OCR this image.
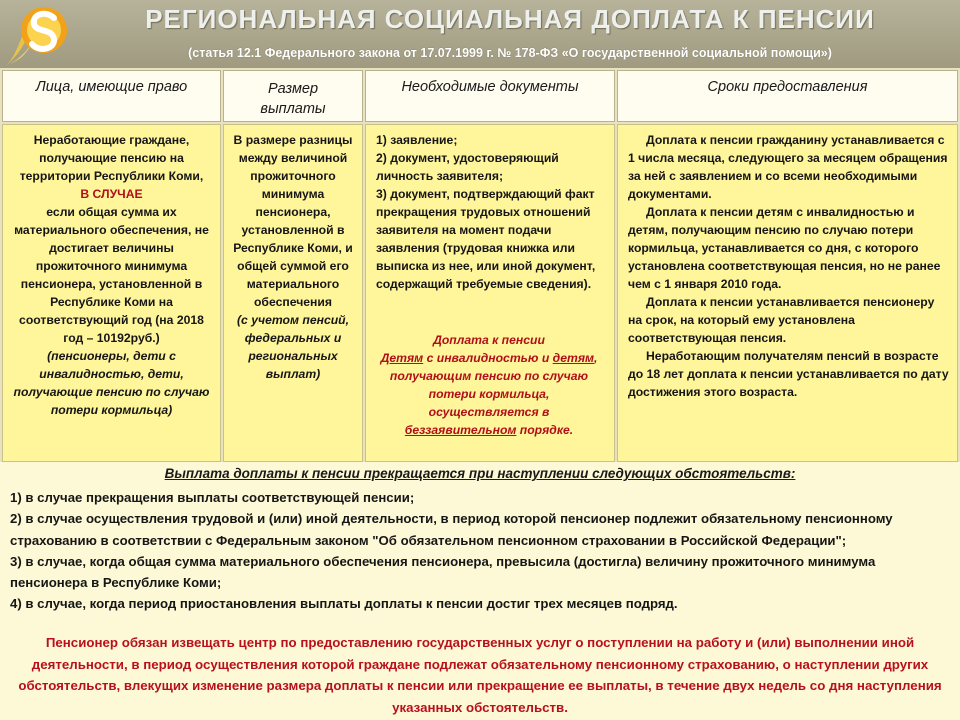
РЕГИОНАЛЬНАЯ СОЦИАЛЬНАЯ ДОПЛАТА К ПЕНСИИ
(статья 12.1 Федерального закона от 17.07.1999 г. № 178-ФЗ «О государственной социальной помощи»)
Лица, имеющие право	Размер выплаты
Необходимые документы	Сроки предоставления

Неработающие граждане, получающие пенсию на территории Республики Коми,

В СЛУЧАЕ

если общая сумма их материального обеспечения, не достигает величины прожиточного минимума пенсионера, установленной в Республике Коми на соответствующий год (на 2018 год – 10192руб.)

(пенсионеры, дети с инвалидностью, дети, получающие пенсию по случаю потери кормильца)

В размере разницы между величиной прожиточного минимума пенсионера, установленной в Республике Коми, и общей суммой его материального обеспечения

(с учетом пенсий, федеральных и региональных выплат)

1) заявление;

2) документ, удостоверяющий личность заявителя;

3) документ, подтверждающий факт прекращения трудовых отношений заявителя на момент подачи заявления (трудовая книжка или выписка из нее, или иной документ, содержащий требуемые сведения).

Доплата к пенсии

Детям с инвалидностью и детям, получающим пенсию по случаю потери кормильца, осуществляется в беззаявительном порядке.

Доплата к пенсии гражданину устанавливается с 1 числа месяца, следующего за месяцем обращения за ней с заявлением и со всеми необходимыми документами.

Доплата к пенсии детям с инвалидностью и детям, получающим пенсию по случаю потери кормильца, устанавливается со дня, с которого установлена соответствующая пенсия, но не ранее чем с 1 января 2010 года.

Доплата к пенсии устанавливается пенсионеру на срок, на который ему установлена соответствующая пенсия.

Неработающим получателям пенсий в возрасте до 18 лет доплата к пенсии устанавливается по дату достижения этого возраста.

Выплата доплаты к пенсии прекращается при наступлении следующих обстоятельств:

1) в случае прекращения выплаты соответствующей пенсии;

2) в случае осуществления трудовой и (или) иной деятельности, в период которой пенсионер подлежит обязательному пенсионному страхованию в соответствии с Федеральным законом "Об обязательном пенсионном страховании в Российской Федерации";

3) в случае, когда общая сумма материального обеспечения пенсионера, превысила (достигла) величину прожиточного минимума пенсионера в Республике Коми;

4) в случае, когда период приостановления выплаты доплаты к пенсии достиг трех месяцев подряд.

Пенсионер обязан извещать центр по предоставлению государственных услуг о поступлении на работу и (или) выполнении иной деятельности, в период осуществления которой граждане подлежат обязательному пенсионному страхованию, о наступлении других обстоятельств, влекущих изменение размера доплаты к пенсии или прекращение ее выплаты, в течение двух недель со дня наступления указанных обстоятельств.
